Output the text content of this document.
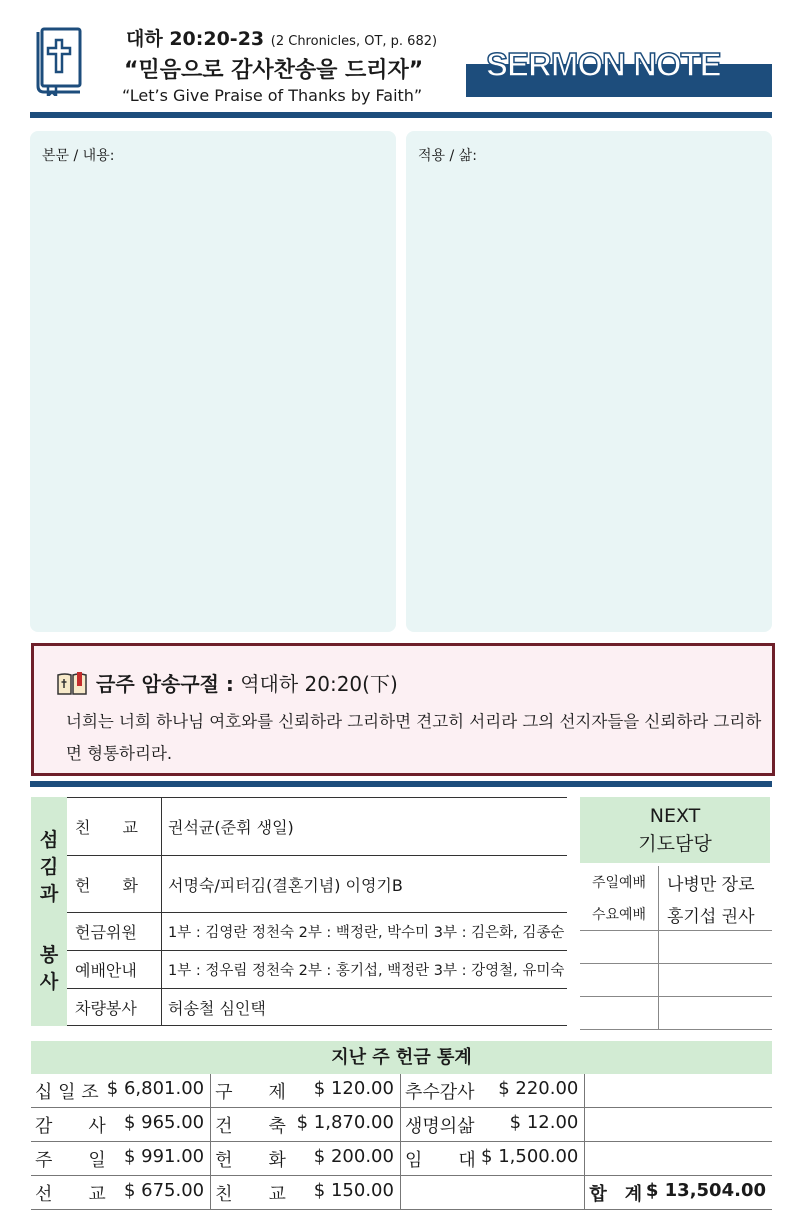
대하 20:20-23 (2 Chronicles, OT, p. 682)
“믿음으로 감사찬송을 드리자”
“Let’s Give Praise of Thanks by Faith”
SERMON NOTE
본문 / 내용:	적용 / 삶:
금주 암송구절 : 역대하 20:20(下)
너희는 너희 하나님 여호와를 신뢰하라 그리하면 견고히 서리라 그의 선지자들을 신뢰하라 그리하면 형통하리라.
섬
김
과
봉
사
친　　교	권석균(준휘 생일)
헌　　화	서명숙/피터김(결혼기념) 이영기B
헌금위원	1부 : 김영란 정천숙 2부 : 백정란, 박수미 3부 : 김은화, 김종순
예배안내	1부 : 정우림 정천숙 2부 : 홍기섭, 백정란 3부 : 강영철, 유미숙
차량봉사	허송철 심인택
NEXT
기도담당
주일예배	나병만 장로
수요예배	홍기섭 권사

지난 주 헌금 통계
십 일 조 $ 6,801.00	구　　제 $ 120.00	추수감사 $ 220.00	

감　　사 $ 965.00	건　　축 $ 1,870.00	생명의삶 $ 12.00	

주　　일 $ 991.00	헌　　화 $ 200.00	임　　대 $ 1,500.00	

선　　교 $ 675.00	친　　교 $ 150.00		합　계 $ 13,504.00
